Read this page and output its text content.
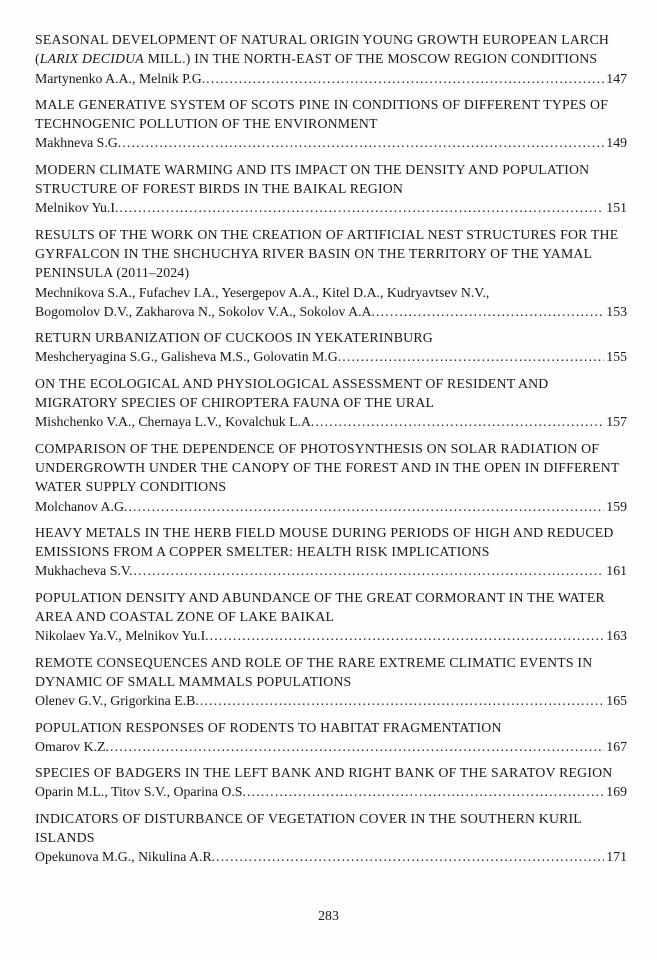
SEASONAL DEVELOPMENT OF NATURAL ORIGIN YOUNG GROWTH EUROPEAN LARCH (LARIX DECIDUA MILL.) IN THE NORTH-EAST OF THE MOSCOW REGION CONDITIONS
Martynenko A.A., Melnik P.G. .....	147
MALE GENERATIVE SYSTEM OF SCOTS PINE IN CONDITIONS OF DIFFERENT TYPES OF TECHNOGENIC POLLUTION OF THE ENVIRONMENT
Makhneva S.G. .....	149
MODERN CLIMATE WARMING AND ITS IMPACT ON THE DENSITY AND POPULATION STRUCTURE OF FOREST BIRDS IN THE BAIKAL REGION
Melnikov Yu.I. .....	151
RESULTS OF THE WORK ON THE CREATION OF ARTIFICIAL NEST STRUCTURES FOR THE GYRFALCON IN THE SHCHUCHYA RIVER BASIN ON THE TERRITORY OF THE YAMAL PENINSULA (2011–2024)
Mechnikova S.A., Fufachev I.A., Yesergepov A.A., Kitel D.A., Kudryavtsev N.V.,
Bogomolov D.V., Zakharova N., Sokolov V.A., Sokolov A.A. .....	153
RETURN URBANIZATION OF CUCKOOS IN YEKATERINBURG
Meshcheryagina S.G., Galisheva M.S., Golovatin M.G. .....	155
ON THE ECOLOGICAL AND PHYSIOLOGICAL ASSESSMENT OF RESIDENT AND MIGRATORY SPECIES OF CHIROPTERA FAUNA OF THE URAL
Mishchenko V.A., Chernaya L.V., Kovalchuk L.A. .....	157
COMPARISON OF THE DEPENDENCE OF PHOTOSYNTHESIS ON SOLAR RADIATION OF UNDERGROWTH UNDER THE CANOPY OF THE FOREST AND IN THE OPEN IN DIFFERENT WATER SUPPLY CONDITIONS
Molchanov A.G. .....	159
HEAVY METALS IN THE HERB FIELD MOUSE DURING PERIODS OF HIGH AND REDUCED EMISSIONS FROM A COPPER SMELTER: HEALTH RISK IMPLICATIONS
Mukhacheva S.V. .....	161
POPULATION DENSITY AND ABUNDANCE OF THE GREAT CORMORANT IN THE WATER AREA AND COASTAL ZONE OF LAKE BAIKAL
Nikolaev Ya.V., Melnikov Yu.I. .....	163
REMOTE CONSEQUENCES AND ROLE OF THE RARE EXTREME CLIMATIC EVENTS IN DYNAMIC OF SMALL MAMMALS POPULATIONS
Olenev G.V., Grigorkina E.B. .....	165
POPULATION RESPONSES OF RODENTS TO HABITAT FRAGMENTATION
Omarov K.Z. .....	167
SPECIES OF BADGERS IN THE LEFT BANK AND RIGHT BANK OF THE SARATOV REGION
Oparin M.L., Titov S.V., Oparina O.S. .....	169
INDICATORS OF DISTURBANCE OF VEGETATION COVER IN THE SOUTHERN KURIL ISLANDS
Opekunova M.G., Nikulina A.R. .....	171
283
